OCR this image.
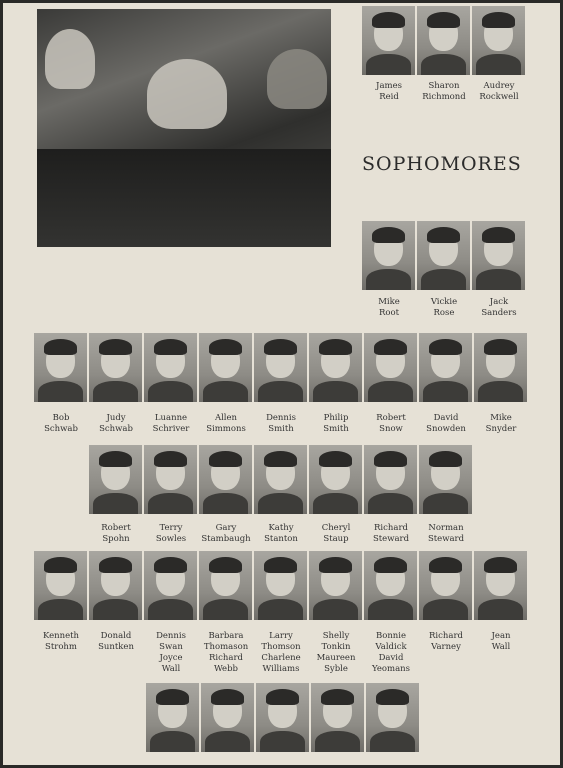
SOPHOMORES
James
Reid
Sharon
Richmond
Audrey
Rockwell
Mike
Root
Vickie
Rose
Jack
Sanders
Bob
Schwab
Judy
Schwab
Luanne
Schriver
Allen
Simmons
Dennis
Smith
Philip
Smith
Robert
Snow
David
Snowden
Mike
Snyder
Robert
Spohn
Terry
Sowles
Gary
Stambaugh
Kathy
Stanton
Cheryl
Staup
Richard
Steward
Norman
Steward
Kenneth
Strohm
Donald
Suntken
Dennis
Swan
Joyce
Wall
Barbara
Thomason
Richard
Webb
Larry
Thomson
Charlene
Williams
Shelly
Tonkin
Maureen
Syble
Bonnie
Valdick
David
Yeomans
Richard
Varney
Jean
Wall
